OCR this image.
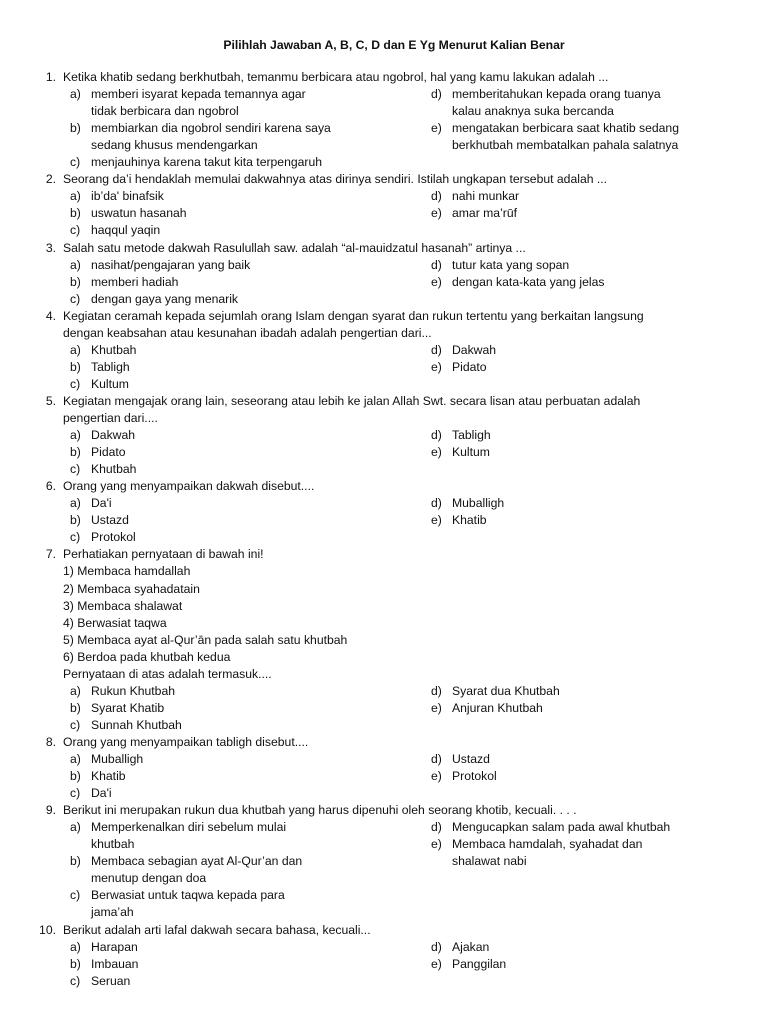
Pilihlah Jawaban A, B, C, D dan E Yg Menurut Kalian Benar
1. Ketika khatib sedang berkhutbah, temanmu berbicara atau ngobrol, hal yang kamu lakukan adalah ...
a) memberi isyarat kepada temannya agar
tidak berbicara dan ngobrol
b) membiarkan dia ngobrol sendiri karena saya
sedang khusus mendengarkan
c) menjauhinya karena takut kita terpengaruh
d) memberitahukan kepada orang tuanya
kalau anaknya suka bercanda
e) mengatakan berbicara saat khatib sedang
berkhutbah membatalkan pahala salatnya
2. Seorang da’i hendaklah memulai dakwahnya atas dirinya sendiri. Istilah ungkapan tersebut adalah ...
a) ib’da' binafsik
b) uswatun hasanah
c) haqqul yaqin
d) nahi munkar
e) amar ma’rūf
3. Salah satu metode dakwah Rasulullah saw. adalah “al-mauidzatul hasanah” artinya ...
a) nasihat/pengajaran yang baik
b) memberi hadiah
c) dengan gaya yang menarik
d) tutur kata yang sopan
e) dengan kata-kata yang jelas
4. Kegiatan ceramah kepada sejumlah orang Islam dengan syarat dan rukun tertentu yang berkaitan langsung
dengan keabsahan atau kesunahan ibadah adalah pengertian dari...
a) Khutbah
b) Tabligh
c) Kultum
d) Dakwah
e) Pidato
5. Kegiatan mengajak orang lain, seseorang atau lebih ke jalan Allah Swt. secara lisan atau perbuatan adalah
pengertian dari....
a) Dakwah
b) Pidato
c) Khutbah
d) Tabligh
e) Kultum
6. Orang yang menyampaikan dakwah disebut....
a) Da'i
b) Ustazd
c) Protokol
d) Muballigh
e) Khatib
7. Perhatiakan pernyataan di bawah ini!
1) Membaca hamdallah
2) Membaca syahadatain
3) Membaca shalawat
4) Berwasiat taqwa
5) Membaca ayat al-Qur’ān pada salah satu khutbah
6) Berdoa pada khutbah kedua
Pernyataan di atas adalah termasuk....
a) Rukun Khutbah
b) Syarat Khatib
c) Sunnah Khutbah
d) Syarat dua Khutbah
e) Anjuran Khutbah
8. Orang yang menyampaikan tabligh disebut....
a) Muballigh
b) Khatib
c) Da'i
d) Ustazd
e) Protokol
9. Berikut ini merupakan rukun dua khutbah yang harus dipenuhi oleh seorang khotib, kecuali. . . .
a) Memperkenalkan diri sebelum mulai
khutbah
b) Membaca sebagian ayat Al-Qur’an dan
menutup dengan doa
c) Berwasiat untuk taqwa kepada para
jama’ah
d) Mengucapkan salam pada awal khutbah
e) Membaca hamdalah, syahadat dan
shalawat nabi
10. Berikut adalah arti lafal dakwah secara bahasa, kecuali...
a) Harapan
b) Imbauan
c) Seruan
d) Ajakan
e) Panggilan
